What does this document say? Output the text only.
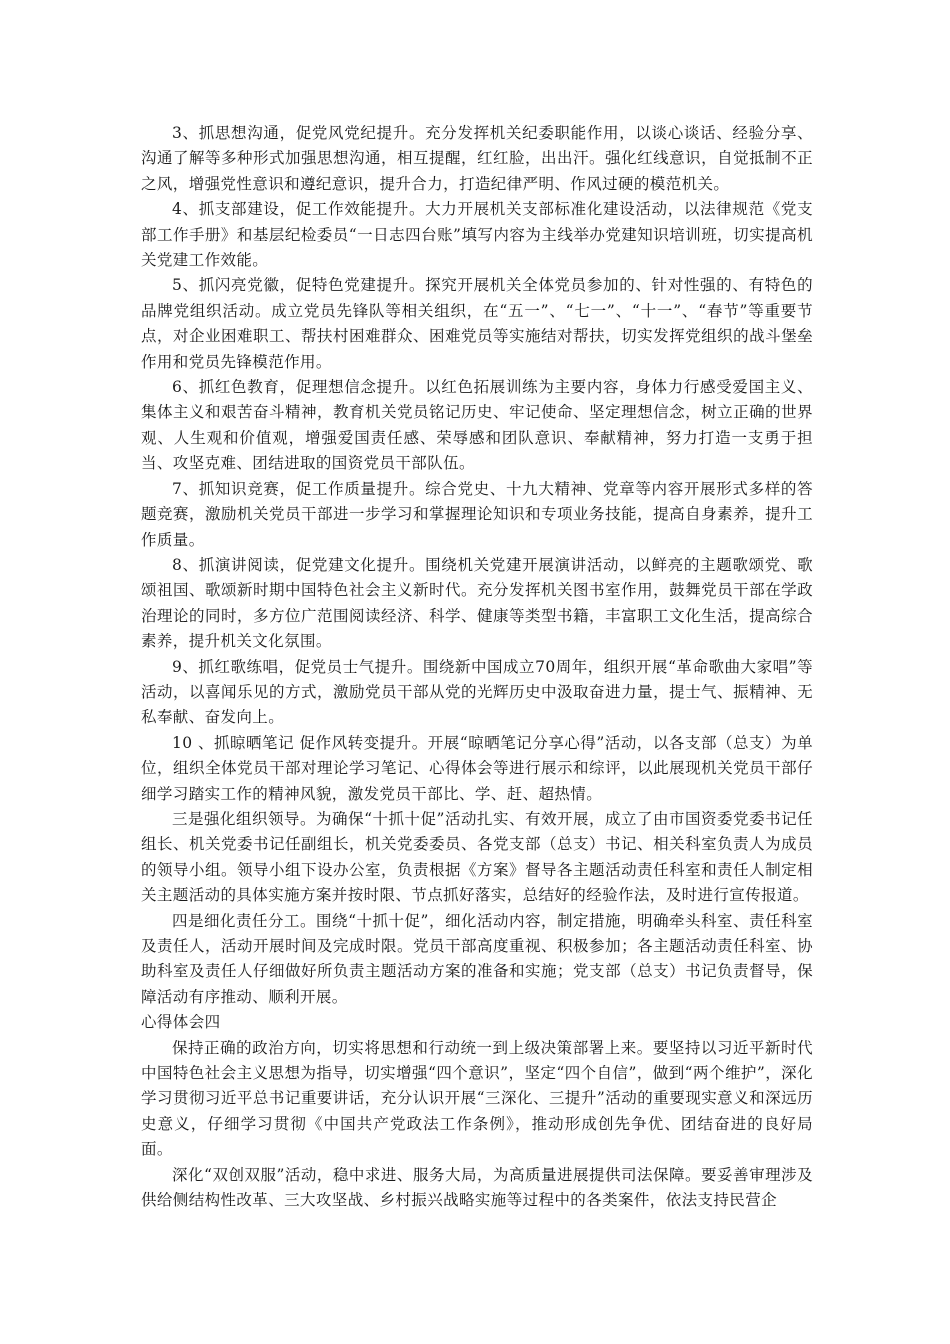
3、抓思想沟通，促党风党纪提升。充分发挥机关纪委职能作用，以谈心谈话、经验分享、沟通了解等多种形式加强思想沟通，相互提醒，红红脸，出出汗。强化红线意识，自觉抵制不正之风，增强党性意识和遵纪意识，提升合力，打造纪律严明、作风过硬的模范机关。

4、抓支部建设，促工作效能提升。大力开展机关支部标准化建设活动，以法律规范《党支部工作手册》和基层纪检委员“一日志四台账”填写内容为主线举办党建知识培训班，切实提高机关党建工作效能。

5、抓闪亮党徽，促特色党建提升。探究开展机关全体党员参加的、针对性强的、有特色的品牌党组织活动。成立党员先锋队等相关组织，在“五一”、“七一”、“十一”、“春节”等重要节点，对企业困难职工、帮扶村困难群众、困难党员等实施结对帮扶，切实发挥党组织的战斗堡垒作用和党员先锋模范作用。

6、抓红色教育，促理想信念提升。以红色拓展训练为主要内容，身体力行感受爱国主义、集体主义和艰苦奋斗精神，教育机关党员铭记历史、牢记使命、坚定理想信念，树立正确的世界观、人生观和价值观，增强爱国责任感、荣辱感和团队意识、奉献精神，努力打造一支勇于担当、攻坚克难、团结进取的国资党员干部队伍。

7、抓知识竞赛，促工作质量提升。综合党史、十九大精神、党章等内容开展形式多样的答题竞赛，激励机关党员干部进一步学习和掌握理论知识和专项业务技能，提高自身素养，提升工作质量。

8、抓演讲阅读，促党建文化提升。围绕机关党建开展演讲活动，以鲜亮的主题歌颂党、歌颂祖国、歌颂新时期中国特色社会主义新时代。充分发挥机关图书室作用，鼓舞党员干部在学政治理论的同时，多方位广范围阅读经济、科学、健康等类型书籍，丰富职工文化生活，提高综合素养，提升机关文化氛围。

9、抓红歌练唱，促党员士气提升。围绕新中国成立70周年，组织开展“革命歌曲大家唱”等活动，以喜闻乐见的方式，激励党员干部从党的光辉历史中汲取奋进力量，提士气、振精神、无私奉献、奋发向上。

10 、抓晾晒笔记 促作风转变提升。开展“晾晒笔记分享心得”活动，以各支部（总支）为单位，组织全体党员干部对理论学习笔记、心得体会等进行展示和综评，以此展现机关党员干部仔细学习踏实工作的精神风貌，激发党员干部比、学、赶、超热情。

三是强化组织领导。为确保“十抓十促”活动扎实、有效开展，成立了由市国资委党委书记任组长、机关党委书记任副组长，机关党委委员、各党支部（总支）书记、相关科室负责人为成员的领导小组。领导小组下设办公室，负责根据《方案》督导各主题活动责任科室和责任人制定相关主题活动的具体实施方案并按时限、节点抓好落实，总结好的经验作法，及时进行宣传报道。

四是细化责任分工。围绕“十抓十促”，细化活动内容，制定措施，明确牵头科室、责任科室及责任人，活动开展时间及完成时限。党员干部高度重视、积极参加；各主题活动责任科室、协助科室及责任人仔细做好所负责主题活动方案的准备和实施；党支部（总支）书记负责督导，保障活动有序推动、顺利开展。

心得体会四

保持正确的政治方向，切实将思想和行动统一到上级决策部署上来。要坚持以习近平新时代中国特色社会主义思想为指导，切实增强“四个意识”，坚定“四个自信”，做到“两个维护”，深化学习贯彻习近平总书记重要讲话，充分认识开展“三深化、三提升”活动的重要现实意义和深远历史意义，仔细学习贯彻《中国共产党政法工作条例》，推动形成创先争优、团结奋进的良好局面。

深化“双创双服”活动，稳中求进、服务大局，为高质量进展提供司法保障。要妥善审理涉及供给侧结构性改革、三大攻坚战、乡村振兴战略实施等过程中的各类案件，依法支持民营企
